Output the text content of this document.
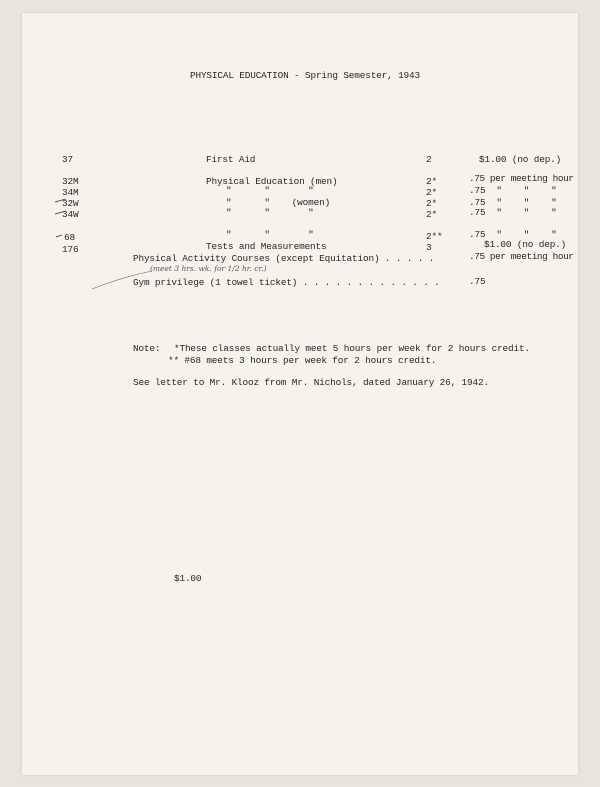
PHYSICAL EDUCATION - Spring Semester, 1943
37	First Aid	2	$1.00 (no dep.)
32M	Physical Education (men)	2*	.75 per meeting hour
34M	"      "       "	2*	.75  "    "    "
32W	"      "    (women)	2*	.75  "    "    "
34W	"      "       "	2*	.75  "    "    "
68	"      "       "	2**	.75  "    "    "
176	Tests and Measurements	3	$1.00 (no dep.)
Physical Activity Courses (except Equitation) . . . . .	.75 per meeting hour
(meet 3 hrs. wk. for 1/2 hr. cr.)
Gym privilege (1 towel ticket) . . . . . . . . . . . . .	.75
Note: *These classes actually meet 5 hours per week for 2 hours credit.
** #68 meets 3 hours per week for 2 hours credit.
See letter to Mr. Klooz from Mr. Nichols, dated January 26, 1942.
$1.00
